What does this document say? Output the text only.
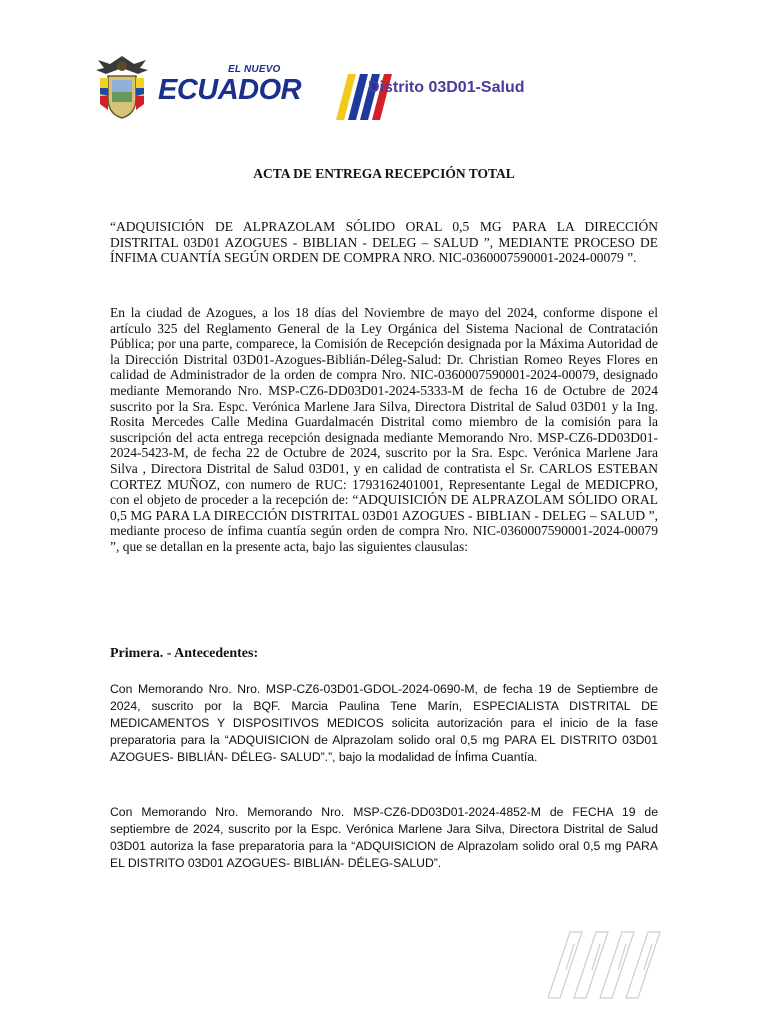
EL NUEVO
ECUADOR	Distrito 03D01-Salud
ACTA DE ENTREGA RECEPCIÓN TOTAL

“ADQUISICIÓN DE ALPRAZOLAM SÓLIDO ORAL 0,5 MG PARA LA DIRECCIÓN DISTRITAL 03D01 AZOGUES - BIBLIAN - DELEG – SALUD ”, MEDIANTE PROCESO DE ÍNFIMA CUANTÍA SEGÚN ORDEN DE COMPRA NRO. NIC-0360007590001-2024-00079 ”.

En la ciudad de Azogues, a los 18 días del Noviembre de mayo del 2024, conforme dispone el artículo 325 del Reglamento General de la Ley Orgánica del Sistema Nacional de Contratación Pública; por una parte, comparece, la Comisión de Recepción designada por la Máxima Autoridad de la Dirección Distrital 03D01-Azogues-Biblián-Déleg-Salud: Dr. Christian Romeo Reyes Flores en calidad de Administrador de la orden de compra Nro. NIC-0360007590001-2024-00079, designado mediante Memorando Nro. MSP-CZ6-DD03D01-2024-5333-M de fecha 16 de Octubre de 2024 suscrito por la Sra. Espc. Verónica Marlene Jara Silva, Directora Distrital de Salud 03D01 y la Ing. Rosita Mercedes Calle Medina Guardalmacén Distrital como miembro de la comisión para la suscripción del acta entrega recepción designada mediante Memorando Nro. MSP-CZ6-DD03D01- 2024-5423-M, de fecha 22 de Octubre de 2024, suscrito por la Sra. Espc. Verónica Marlene Jara Silva , Directora Distrital de Salud 03D01, y en calidad de contratista el Sr. CARLOS ESTEBAN CORTEZ MUÑOZ, con numero de RUC: 1793162401001, Representante Legal de MEDICPRO, con el objeto de proceder a la recepción de: “ADQUISICIÓN DE ALPRAZOLAM SÓLIDO ORAL 0,5 MG PARA LA DIRECCIÓN DISTRITAL 03D01 AZOGUES - BIBLIAN - DELEG – SALUD ”, mediante proceso de ínfima cuantía según orden de compra Nro. NIC-0360007590001-2024-00079 ”, que se detallan en la presente acta, bajo las siguientes clausulas:

Primera. - Antecedentes:

Con Memorando Nro. Nro. MSP-CZ6-03D01-GDOL-2024-0690-M, de fecha 19 de Septiembre de 2024, suscrito por la BQF. Marcia Paulina Tene Marín, ESPECIALISTA DISTRITAL DE MEDICAMENTOS Y DISPOSITIVOS MEDICOS solicita autorización para el inicio de la fase preparatoria para la “ADQUISICION de Alprazolam solido oral 0,5 mg PARA EL DISTRITO 03D01 AZOGUES- BIBLIÁN- DÉLEG- SALUD”.”, bajo la modalidad de Ínfima Cuantía.

Con Memorando Nro. Memorando Nro. MSP-CZ6-DD03D01-2024-4852-M de FECHA 19 de septiembre de 2024, suscrito por la Espc. Verónica Marlene Jara Silva, Directora Distrital de Salud 03D01 autoriza la fase preparatoria para la “ADQUISICION de Alprazolam solido oral 0,5 mg PARA EL DISTRITO 03D01 AZOGUES- BIBLIÁN- DÉLEG-SALUD”.
